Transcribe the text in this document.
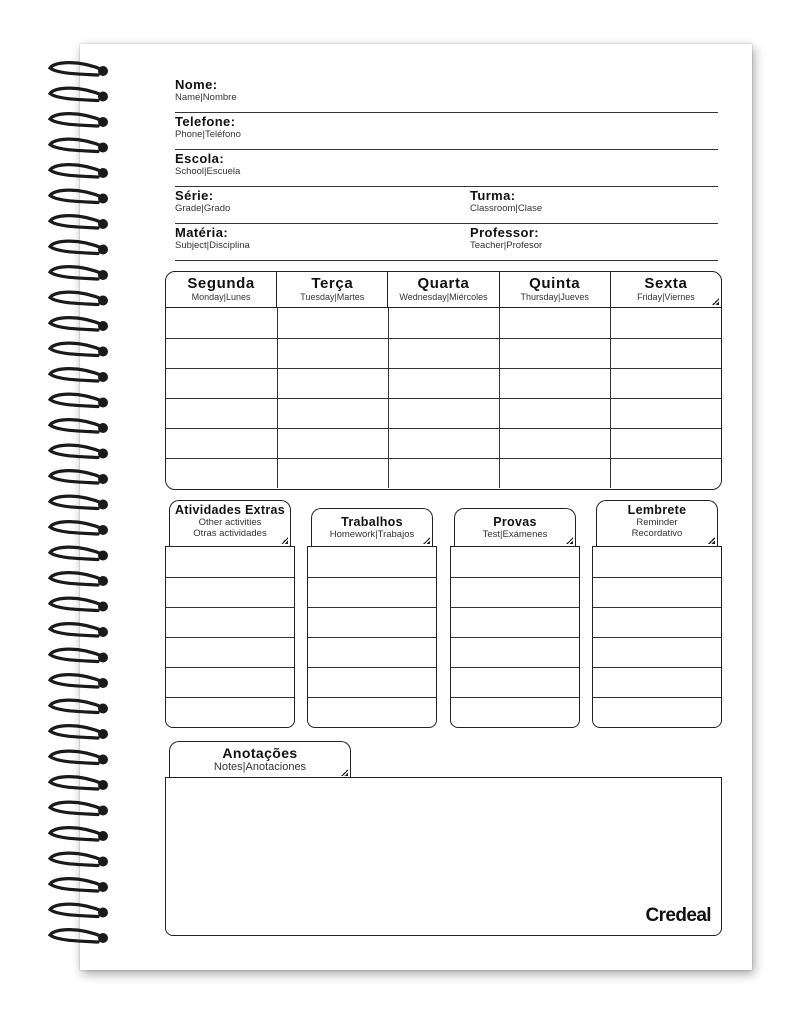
Nome:
Name|Nombre
Telefone:
Phone|Teléfono
Escola:
School|Escuela
Série:
Grade|Grado
Turma:
Classroom|Clase
Matéria:
Subject|Disciplina
Professor:
Teacher|Profesor
Segunda
Monday|Lunes
Terça
Tuesday|Martes
Quarta
Wednesday|Miércoles
Quinta
Thursday|Jueves
Sexta
Friday|Viernes
Atividades Extras
Other activities
Otras actividades
Trabalhos
Homework|Trabajos
Provas
Test|Exámenes
Lembrete
Reminder
Recordativo
Anotações
Notes|Anotaciones
Credeal
